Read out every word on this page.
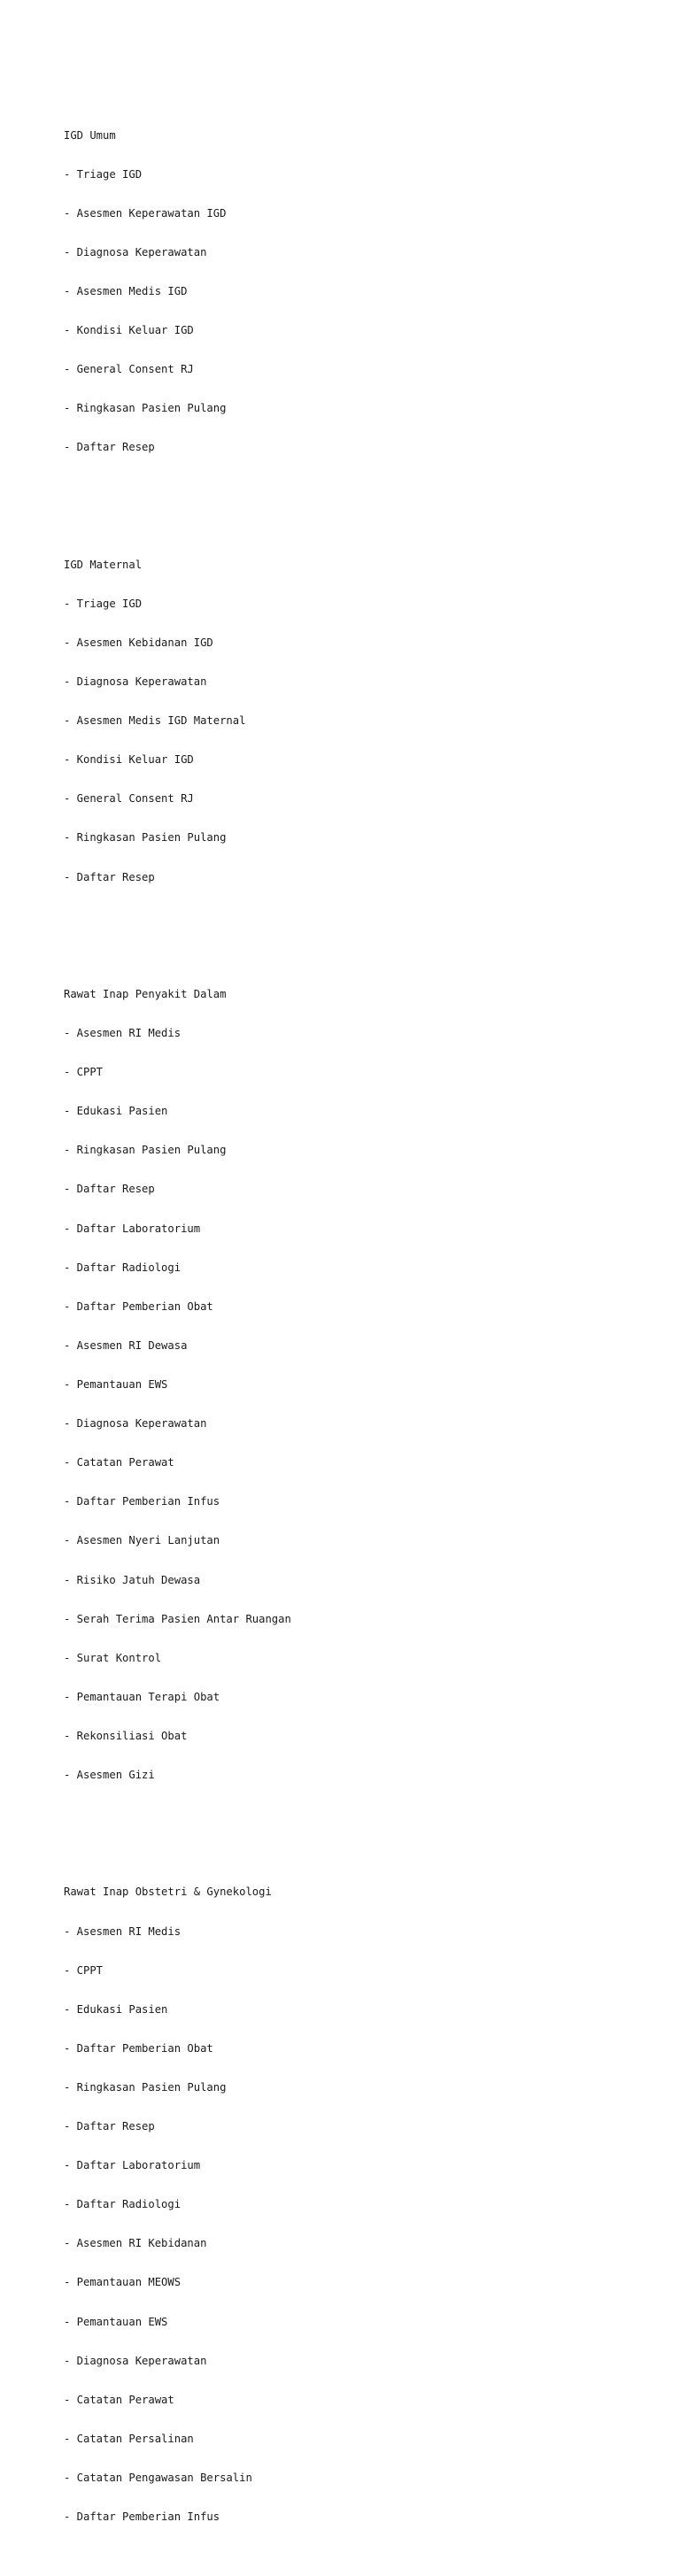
IGD Umum

- Triage IGD

- Asesmen Keperawatan IGD

- Diagnosa Keperawatan

- Asesmen Medis IGD

- Kondisi Keluar IGD

- General Consent RJ

- Ringkasan Pasien Pulang

- Daftar Resep

IGD Maternal

- Triage IGD

- Asesmen Kebidanan IGD

- Diagnosa Keperawatan

- Asesmen Medis IGD Maternal

- Kondisi Keluar IGD

- General Consent RJ

- Ringkasan Pasien Pulang

- Daftar Resep

Rawat Inap Penyakit Dalam

- Asesmen RI Medis

- CPPT

- Edukasi Pasien

- Ringkasan Pasien Pulang

- Daftar Resep

- Daftar Laboratorium

- Daftar Radiologi

- Daftar Pemberian Obat

- Asesmen RI Dewasa

- Pemantauan EWS

- Diagnosa Keperawatan

- Catatan Perawat

- Daftar Pemberian Infus

- Asesmen Nyeri Lanjutan

- Risiko Jatuh Dewasa

- Serah Terima Pasien Antar Ruangan

- Surat Kontrol

- Pemantauan Terapi Obat

- Rekonsiliasi Obat

- Asesmen Gizi

Rawat Inap Obstetri & Gynekologi

- Asesmen RI Medis

- CPPT

- Edukasi Pasien

- Daftar Pemberian Obat

- Ringkasan Pasien Pulang

- Daftar Resep

- Daftar Laboratorium

- Daftar Radiologi

- Asesmen RI Kebidanan

- Pemantauan MEOWS

- Pemantauan EWS

- Diagnosa Keperawatan

- Catatan Perawat

- Catatan Persalinan

- Catatan Pengawasan Bersalin

- Daftar Pemberian Infus
